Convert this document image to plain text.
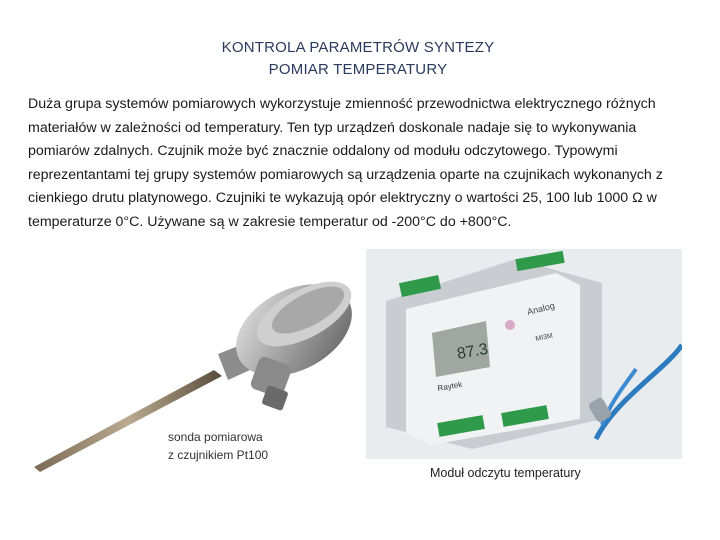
KONTROLA PARAMETRÓW SYNTEZY
POMIAR TEMPERATURY
Duża grupa systemów pomiarowych wykorzystuje zmienność przewodnictwa elektrycznego różnych materiałów w zależności od temperatury. Ten typ urządzeń doskonale nadaje się to wykonywania pomiarów zdalnych. Czujnik może być znacznie oddalony od modułu odczytowego. Typowymi reprezentantami tej grupy systemów pomiarowych są urządzenia oparte na czujnikach wykonanych z cienkiego drutu platynowego. Czujniki te wykazują opór elektryczny o wartości 25, 100 lub 1000 Ω w temperaturze 0°C. Używane są w zakresie temperatur od -200°C do +800°C.
sonda pomiarowa
z czujnikiem Pt100
87.3
Analog
MI3M
Raytek
Moduł odczytu temperatury
